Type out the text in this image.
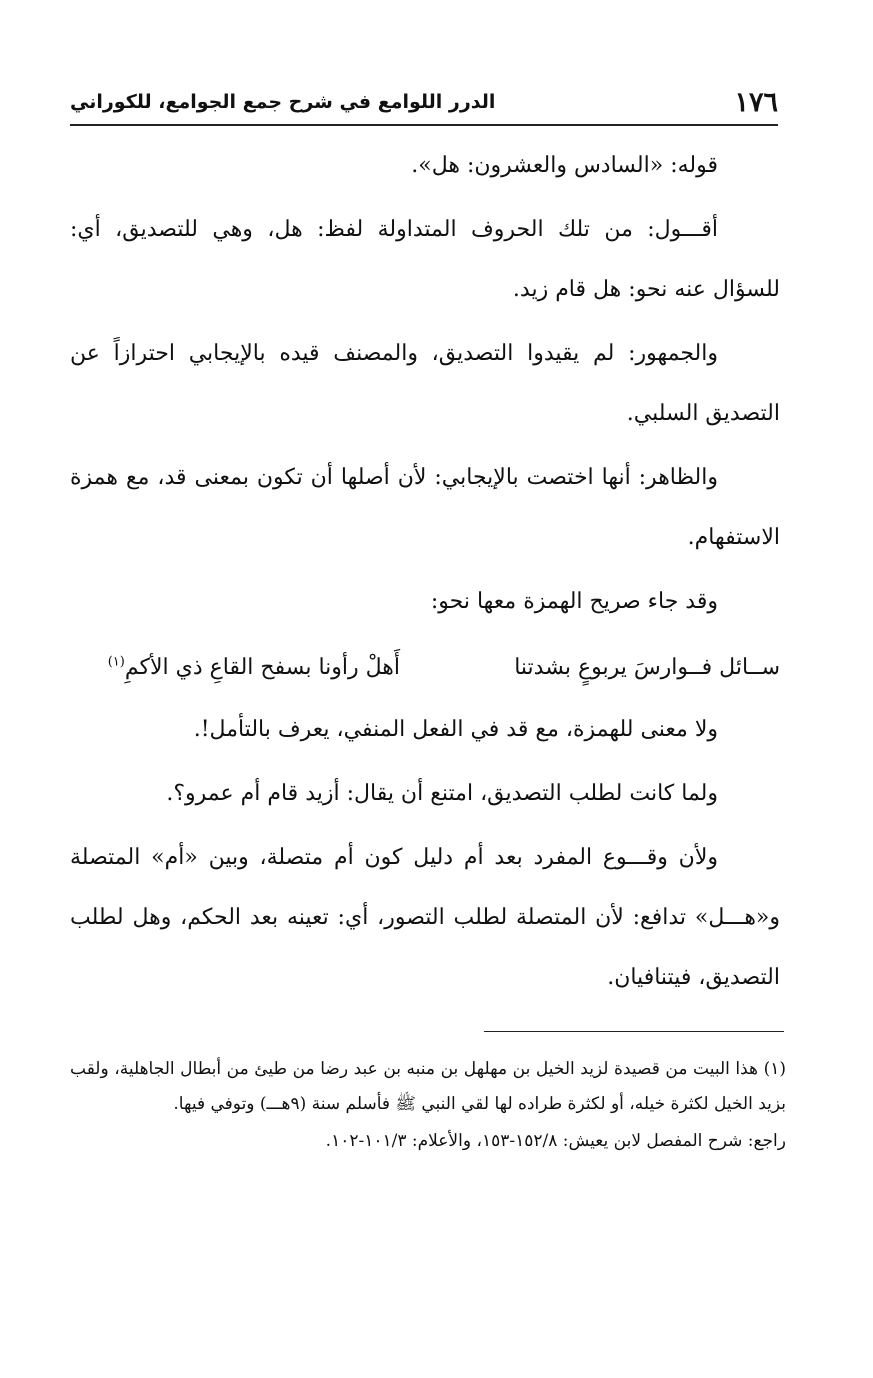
١٧٦
الدرر اللوامع في شرح جمع الجوامع، للكوراني

قوله: «السادس والعشرون: هل».

أقـــول: من تلك الحروف المتداولة لفظ: هل، وهي للتصديق، أي: للسؤال عنه نحو: هل قام زيد.

والجمهور: لم يقيدوا التصديق، والمصنف قيده بالإيجابي احترازاً عن التصديق السلبي.

والظاهر: أنها اختصت بالإيجابي: لأن أصلها أن تكون بمعنى قد، مع همزة الاستفهام.

وقد جاء صريح الهمزة معها نحو:

ســائل فــوارسَ يربوعٍ بشدتنا
أَهلْ رأونا بسفح القاعِ ذي الأكمِ$^{(١)}$

ولا معنى للهمزة، مع قد في الفعل المنفي، يعرف بالتأمل!.

ولما كانت لطلب التصديق، امتنع أن يقال: أزيد قام أم عمرو؟.

ولأن وقـــوع المفرد بعد أم دليل كون أم متصلة، وبين «أم» المتصلة و«هـــل» تدافع: لأن المتصلة لطلب التصور، أي: تعينه بعد الحكم، وهل لطلب التصديق، فيتنافيان.

(١) هذا البيت من قصيدة لزيد الخيل بن مهلهل بن منبه بن عبد رضا من طيئ من أبطال الجاهلية، ولقب بزيد الخيل لكثرة خيله، أو لكثرة طراده لها لقي النبي ﷺ فأسلم سنة (٩هـــ) وتوفي فيها.

راجع: شرح المفصل لابن يعيش: ١٥٢/٨-١٥٣، والأعلام: ١٠١/٣-١٠٢.
